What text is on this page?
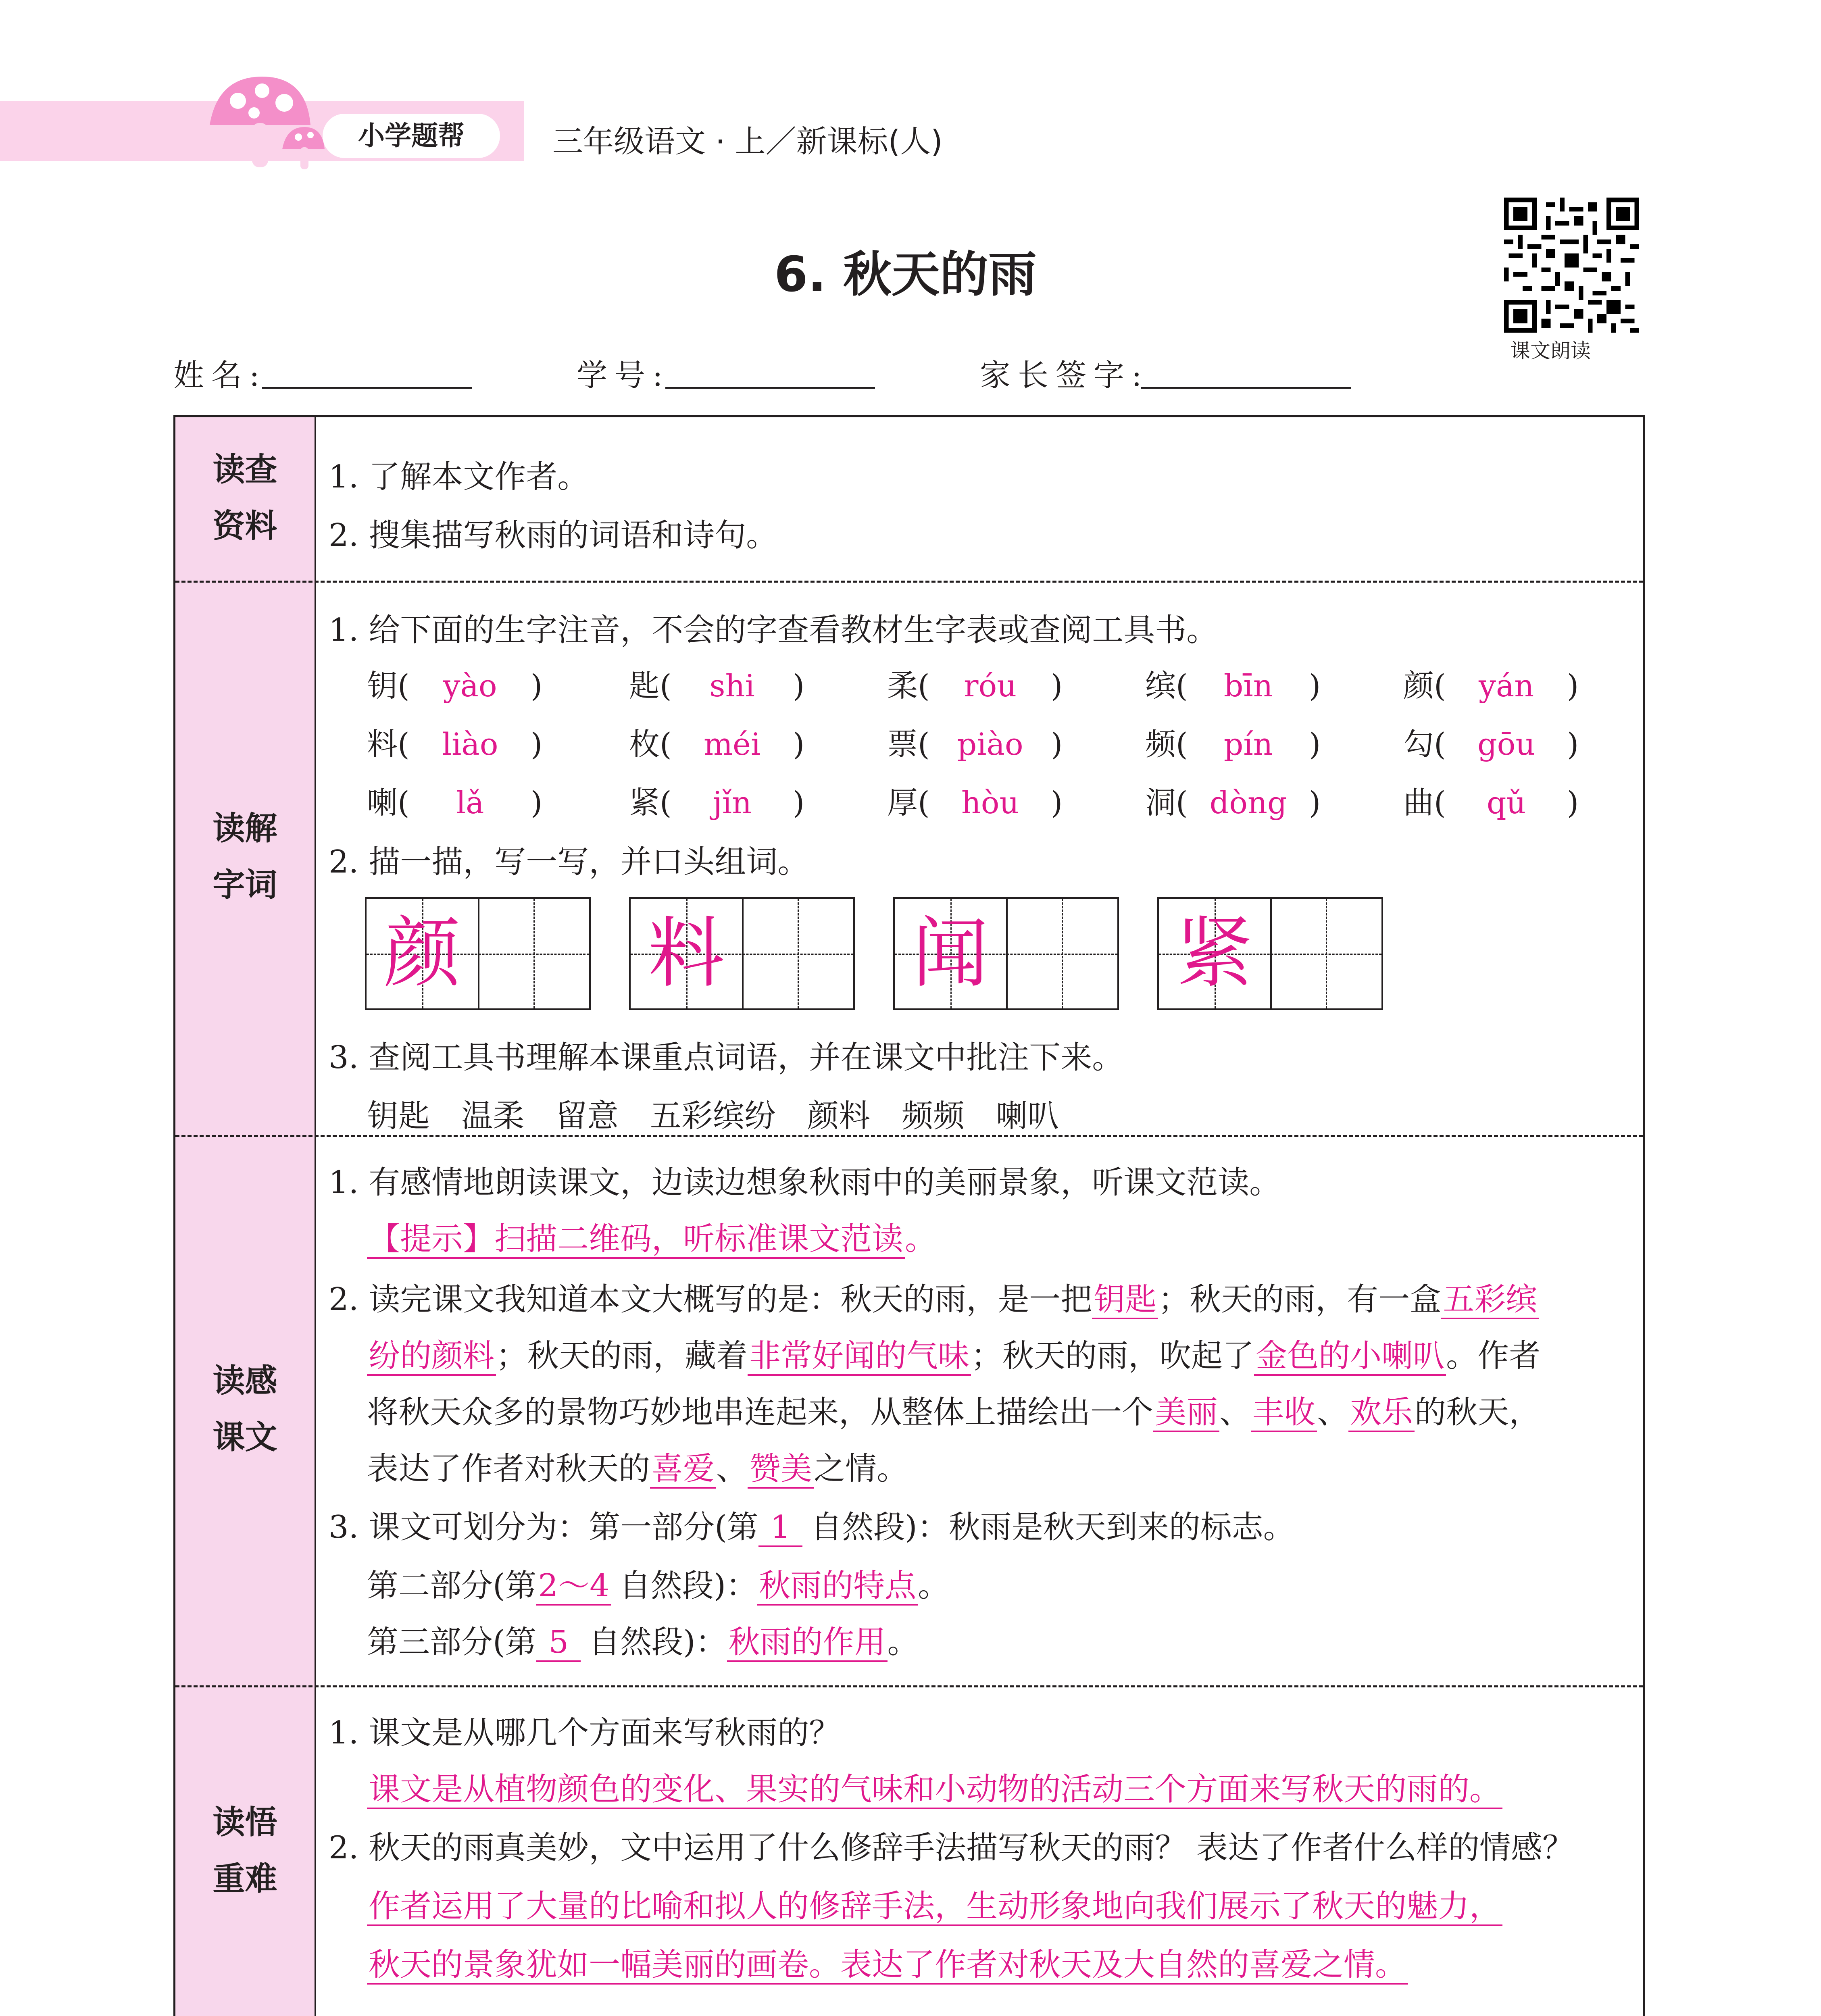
小学题帮	三年级语文 · 上／新课标(人)
6. 秋天的雨
课文朗读
姓名:	学号:	家长签字:
读查
资料
1. 了解本文作者。
2. 搜集描写秋雨的词语和诗句。
读解
字词
1. 给下面的生字注音，不会的字查看教材生字表或查阅工具书。
钥( yào )	匙( shi )	柔( róu )	缤( bīn )	颜( yán )
料( liào )	枚( méi )	票( piào )	频( pín )	勾( gōu )
喇( lǎ )	紧( jǐn )	厚( hòu )	洞( dòng )	曲( qǔ )
2. 描一描，写一写，并口头组词。
颜 料 闻 紧
3. 查阅工具书理解本课重点词语，并在课文中批注下来。
钥匙　温柔　留意　五彩缤纷　颜料　频频　喇叭
读感
课文
1. 有感情地朗读课文，边读边想象秋雨中的美丽景象，听课文范读。
【提示】扫描二维码，听标准课文范读。
2. 读完课文我知道本文大概写的是：秋天的雨，是一把钥匙；秋天的雨，有一盒五彩缤
纷的颜料；秋天的雨，藏着非常好闻的气味；秋天的雨，吹起了金色的小喇叭。作者
将秋天众多的景物巧妙地串连起来，从整体上描绘出一个美丽、丰收、欢乐的秋天，
表达了作者对秋天的喜爱、赞美之情。
3. 课文可划分为：第一部分(第 1 自然段)：秋雨是秋天到来的标志。
第二部分(第2～4 自然段)：秋雨的特点。
第三部分(第 5 自然段)：秋雨的作用。
读悟
重难
1. 课文是从哪几个方面来写秋雨的？
课文是从植物颜色的变化、果实的气味和小动物的活动三个方面来写秋天的雨的。
2. 秋天的雨真美妙，文中运用了什么修辞手法描写秋天的雨？ 表达了作者什么样的情感？
作者运用了大量的比喻和拟人的修辞手法，生动形象地向我们展示了秋天的魅力，
秋天的景象犹如一幅美丽的画卷。表达了作者对秋天及大自然的喜爱之情。
